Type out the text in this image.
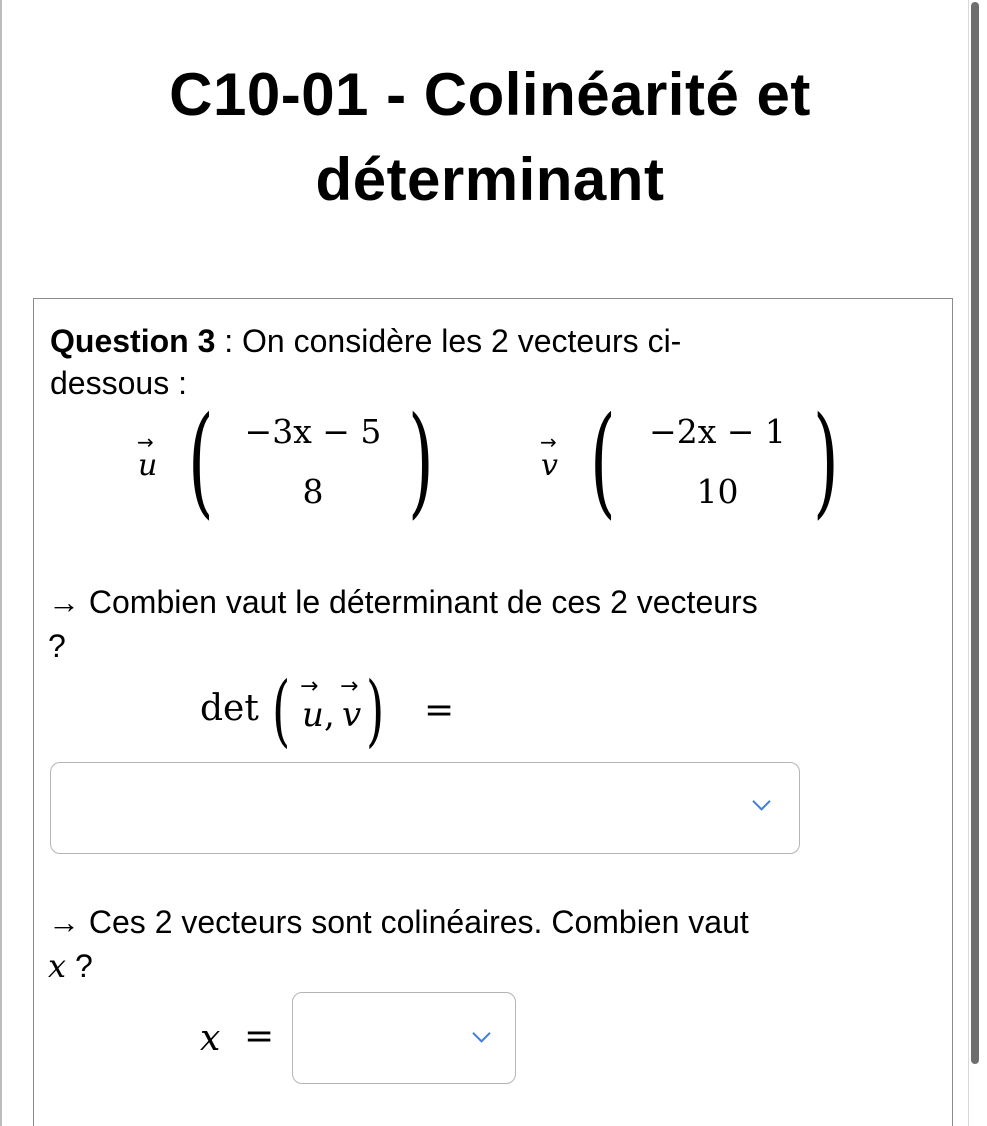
C10-01 - Colinéarité et
déterminant
Question 3 : On considère les 2 vecteurs ci-
dessous :
→
u ( −3x − 5
8 )	→
v (	−2x − 1
10 )
→ Combien vaut le déterminant de ces 2 vecteurs
?
det ( →
u ,
→
v ) =
→ Ces 2 vecteurs sont colinéaires. Combien vaut
x ?
x =
